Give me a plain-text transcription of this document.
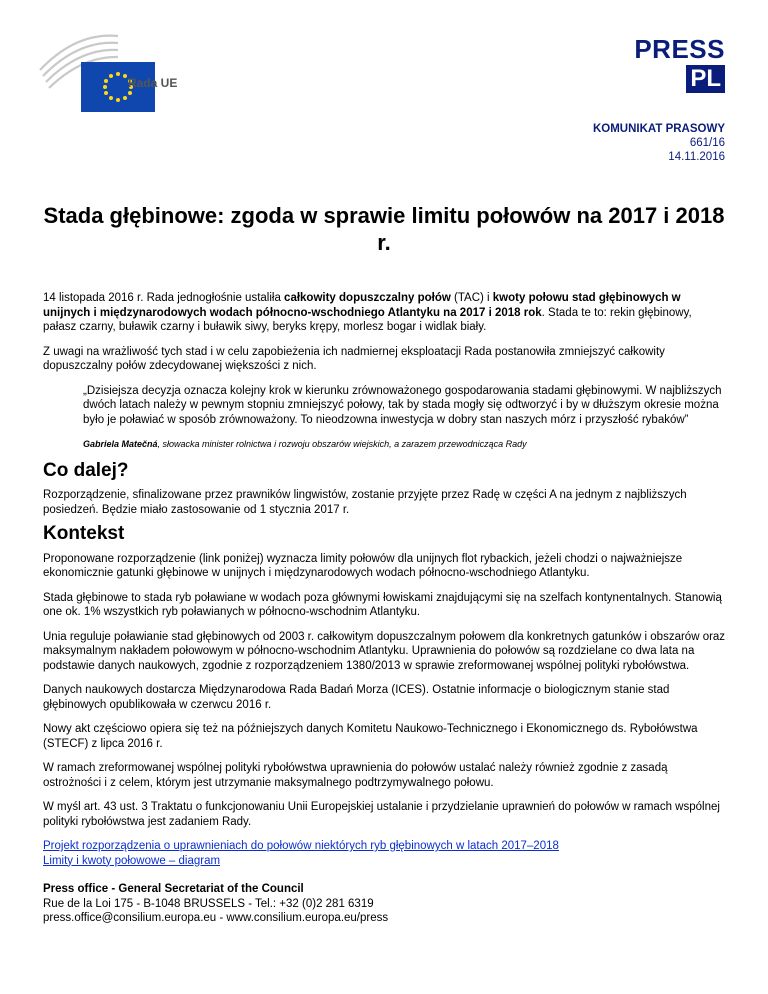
Rada UE
PRESS
PL
KOMUNIKAT PRASOWY
661/16
14.11.2016
Stada głębinowe: zgoda w sprawie limitu połowów na 2017 i 2018 r.

14 listopada 2016 r. Rada jednogłośnie ustaliła całkowity dopuszczalny połów (TAC) i kwoty połowu stad głębinowych w unijnych i międzynarodowych wodach północno-wschodniego Atlantyku na 2017 i 2018 rok. Stada te to: rekin głębinowy, pałasz czarny, buławik czarny i buławik siwy, beryks krępy, morlesz bogar i widlak biały.

Z uwagi na wrażliwość tych stad i w celu zapobieżenia ich nadmiernej eksploatacji Rada postanowiła zmniejszyć całkowity dopuszczalny połów zdecydowanej większości z nich.

„Dzisiejsza decyzja oznacza kolejny krok w kierunku zrównoważonego gospodarowania stadami głębinowymi. W najbliższych dwóch latach należy w pewnym stopniu zmniejszyć połowy, tak by stada mogły się odtworzyć i by w dłuższym okresie można było je poławiać w sposób zrównoważony. To nieodzowna inwestycja w dobry stan naszych mórz i przyszłość rybaków”
Gabriela Matečná, słowacka minister rolnictwa i rozwoju obszarów wiejskich, a zarazem przewodnicząca Rady
Co dalej?

Rozporządzenie, sfinalizowane przez prawników lingwistów, zostanie przyjęte przez Radę w części A na jednym z najbliższych posiedzeń. Będzie miało zastosowanie od 1 stycznia 2017 r.

Kontekst

Proponowane rozporządzenie (link poniżej) wyznacza limity połowów dla unijnych flot rybackich, jeżeli chodzi o najważniejsze ekonomicznie gatunki głębinowe w unijnych i międzynarodowych wodach północno-wschodniego Atlantyku.

Stada głębinowe to stada ryb poławiane w wodach poza głównymi łowiskami znajdującymi się na szelfach kontynentalnych. Stanowią one ok. 1% wszystkich ryb poławianych w północno-wschodnim Atlantyku.

Unia reguluje poławianie stad głębinowych od 2003 r. całkowitym dopuszczalnym połowem dla konkretnych gatunków i obszarów oraz maksymalnym nakładem połowowym w północno-wschodnim Atlantyku. Uprawnienia do połowów są rozdzielane co dwa lata na podstawie danych naukowych, zgodnie z rozporządzeniem 1380/2013 w sprawie zreformowanej wspólnej polityki rybołówstwa.

Danych naukowych dostarcza Międzynarodowa Rada Badań Morza (ICES). Ostatnie informacje o biologicznym stanie stad głębinowych opublikowała w czerwcu 2016 r.

Nowy akt częściowo opiera się też na późniejszych danych Komitetu Naukowo-Technicznego i Ekonomicznego ds. Rybołówstwa (STECF) z lipca 2016 r.

W ramach zreformowanej wspólnej polityki rybołówstwa uprawnienia do połowów ustalać należy również zgodnie z zasadą ostrożności i z celem, którym jest utrzymanie maksymalnego podtrzymywalnego połowu.

W myśl art. 43 ust. 3 Traktatu o funkcjonowaniu Unii Europejskiej ustalanie i przydzielanie uprawnień do połowów w ramach wspólnej polityki rybołówstwa jest zadaniem Rady.

Projekt rozporządzenia o uprawnieniach do połowów niektórych ryb głębinowych w latach 2017–2018
Limity i kwoty połowowe – diagram
Press office - General Secretariat of the Council
Rue de la Loi 175 - B-1048 BRUSSELS - Tel.: +32 (0)2 281 6319
press.office@consilium.europa.eu - www.consilium.europa.eu/press
